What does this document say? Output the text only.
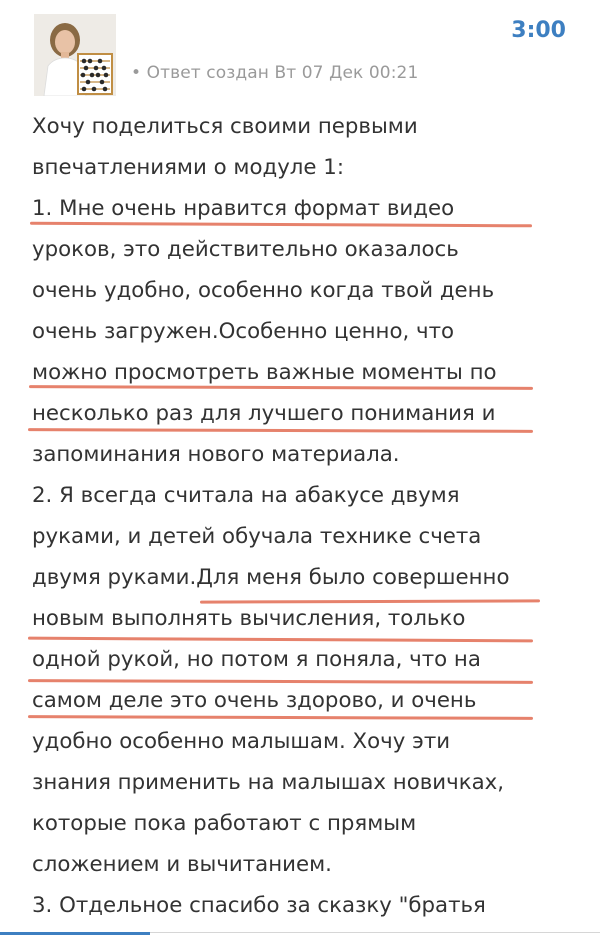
• Ответ создан Вт 07 Дек 00:21
3:00
Хочу поделиться своими первыми
впечатлениями о модуле 1:
1. Мне очень нравится формат видео
уроков, это действительно оказалось
очень удобно, особенно когда твой день
очень загружен.Особенно ценно, что
можно просмотреть важные моменты по
несколько раз для лучшего понимания и
запоминания нового материала.
2. Я всегда считала на абакусе двумя
руками, и детей обучала технике счета
двумя руками.Для меня было совершенно
новым выполнять вычисления, только
одной рукой, но потом я поняла, что на
самом деле это очень здорово, и очень
удобно особенно малышам. Хочу эти
знания применить на малышах новичках,
которые пока работают с прямым
сложением и вычитанием.
3. Отдельное спасибо за сказку "братья
